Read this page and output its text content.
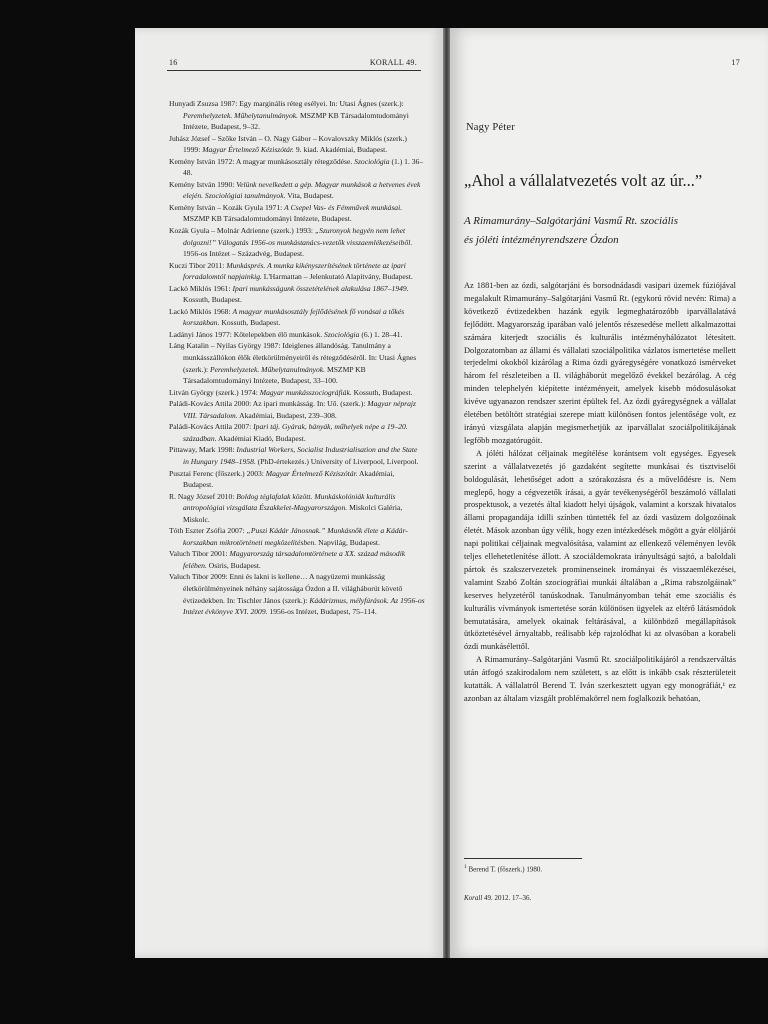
16	KORALL 49.

Hunyadi Zsuzsa 1987: Egy marginális réteg esélyei. In: Utasi Ágnes (szerk.): Peremhelyzetek. Műhelytanulmányok. MSZMP KB Társadalomtudományi Intézete, Budapest, 9–32.

Juhász József – Szőke István – O. Nagy Gábor – Kovalovszky Miklós (szerk.) 1999: Magyar Értelmező Kéziszótár. 9. kiad. Akadémiai, Budapest.

Kemény István 1972: A magyar munkásosztály rétegződése. Szociológia (1.) 1. 36–48.

Kemény István 1990: Velünk nevelkedett a gép. Magyar munkások a hetvenes évek elején. Szociológiai tanulmányok. Vita, Budapest.

Kemény István – Kozák Gyula 1971: A Csepel Vas- és Fémművek munkásai. MSZMP KB Társadalomtudományi Intézete, Budapest.

Kozák Gyula – Molnár Adrienne (szerk.) 1993: „Szuronyok hegyén nem lehet dolgozni!” Válogatás 1956-os munkástanács-vezetők visszaemlékezéseiből. 1956-os Intézet – Századvég, Budapest.

Kuczi Tibor 2011: Munkásprés. A munka kikényszerítésének története az ipari forradalomtól napjainkig. L'Harmattan – Jelenkutató Alapítvány, Budapest.

Lackó Miklós 1961: Ipari munkásságunk összetételének alakulása 1867–1949. Kossuth, Budapest.

Lackó Miklós 1968: A magyar munkásosztály fejlődésének fő vonásai a tőkés korszakban. Kossuth, Budapest.

Ladányi János 1977: Kőtelepekben élő munkások. Szociológia (6.) 1. 28–41.

Láng Katalin – Nyilas György 1987: Ideiglenes állandóság. Tanulmány a munkásszállókon élők életkörülményeiről és rétegződéséről. In: Utasi Ágnes (szerk.): Peremhelyzetek. Műhelytanulmányok. MSZMP KB Társadalomtudományi Intézete, Budapest, 33–100.

Litván György (szerk.) 1974: Magyar munkásszociográfiák. Kossuth, Budapest.

Paládi-Kovács Attila 2000: Az ipari munkásság. In: Uő. (szerk.): Magyar néprajz VIII. Társadalom. Akadémiai, Budapest, 239–308.

Paládi-Kovács Attila 2007: Ipari táj. Gyárak, bányák, műhelyek népe a 19–20. században. Akadémiai Kiadó, Budapest.

Pittaway, Mark 1998: Industrial Workers, Socialist Industrialisation and the State in Hungary 1948–1958. (PhD-értekezés.) University of Liverpool, Liverpool.

Pusztai Ferenc (főszerk.) 2003: Magyar Értelmező Kéziszótár. Akadémiai, Budapest.

R. Nagy József 2010: Boldog téglafalak között. Munkáskolóniák kulturális antropológiai vizsgálata Északkelet-Magyarországon. Miskolci Galéria, Miskolc.

Tóth Eszter Zsófia 2007: „Puszi Kádár Jánosnak.” Munkásnők élete a Kádár-korszakban mikrotörténeti megközelítésben. Napvilág, Budapest.

Valuch Tibor 2001: Magyarország társadalomtörténete a XX. század második felében. Osiris, Budapest.

Valuch Tibor 2009: Enni és lakni is kellene… A nagyüzemi munkásság életkörülményeinek néhány sajátossága Ózdon a II. világháborút követő évtizedekben. In: Tischler János (szerk.): Kádárizmus, mélyfúrások. Az 1956-os Intézet évkönyve XVI. 2009. 1956-os Intézet, Budapest, 75–114.

17
Nagy Péter
„Ahol a vállalatvezetés volt az úr...”
A Rimamurány–Salgótarjáni Vasmű Rt. szociális
és jóléti intézményrendszere Ózdon

Az 1881-ben az ózdi, salgótarjáni és borsodnádasdi vasipari üzemek fúziójával megalakult Rimamurány–Salgótarjáni Vasmű Rt. (egykorú rövid nevén: Rima) a következő évtizedekben hazánk egyik legmeghatározóbb iparvállalatává fejlődött. Magyarország iparában való jelentős részesedése mellett alkalmazottai számára kiterjedt szociális és kulturális intézményhálózatot létesített. Dolgozatomban az állami és vállalati szociálpolitika vázlatos ismertetése mellett terjedelmi okokból kizárólag a Rima ózdi gyáregységére vonatkozó ismérveket három fel részleteiben a II. világháborút megelőző évekkel bezárólag. A cég minden telephelyén kiépítette intézményeit, amelyek kisebb módosulásokat kivéve ugyanazon rendszer szerint épültek fel. Az ózdi gyáregységnek a vállalat életében betöltött stratégiai szerepe miatt különösen fontos jelentősége volt, ez irányú vizsgálata alapján megismerhetjük az iparvállalat szociálpolitikájának legfőbb mozgatórugóit.

A jóléti hálózat céljainak megítélése korántsem volt egységes. Egyesek szerint a vállalatvezetés jó gazdaként segítette munkásai és tisztviselői boldogulását, lehetőséget adott a szórakozásra és a művelődésre is. Nem meglepő, hogy a cégvezetők írásai, a gyár tevékenységéről beszámoló vállalati prospektusok, a vezetés által kiadott helyi újságok, valamint a korszak hivatalos állami propagandája idilli színben tüntették fel az ózdi vasüzem dolgozóinak életét. Mások azonban úgy vélik, hogy ezen intézkedések mögött a gyár elöljárói napi politikai céljainak megvalósítása, valamint az ellenkező véleményen levők teljes ellehetetlenítése állott. A szociáldemokrata irányultságú sajtó, a baloldali pártok és szakszervezetek prominenseinek irományai és visszaemlékezései, valamint Szabó Zoltán szociográfiai munkái általában a „Rima rabszolgáinak” keserves helyzetéről tanúskodnak. Tanulmányomban tehát eme szociális és kulturális vívmányok ismertetése során különösen ügyelek az eltérő látásmódok bemutatására, amelyek okainak feltárásával, a különböző megállapítások ütköztetésével árnyaltabb, reálisabb kép rajzolódhat ki az olvasóban a korabeli ózdi munkásélettől.

A Rimamurány–Salgótarjáni Vasmű Rt. szociálpolitikájáról a rendszerváltás után átfogó szakirodalom nem született, s az előtt is inkább csak részterületeit kutatták. A vállalatról Berend T. Iván szerkesztett ugyan egy monográfiát,¹ ez azonban az általam vizsgált problémakörrel nem foglalkozik behatóan,

$^1$ Berend T. (főszerk.) 1980.
Korall 49. 2012. 17–36.
